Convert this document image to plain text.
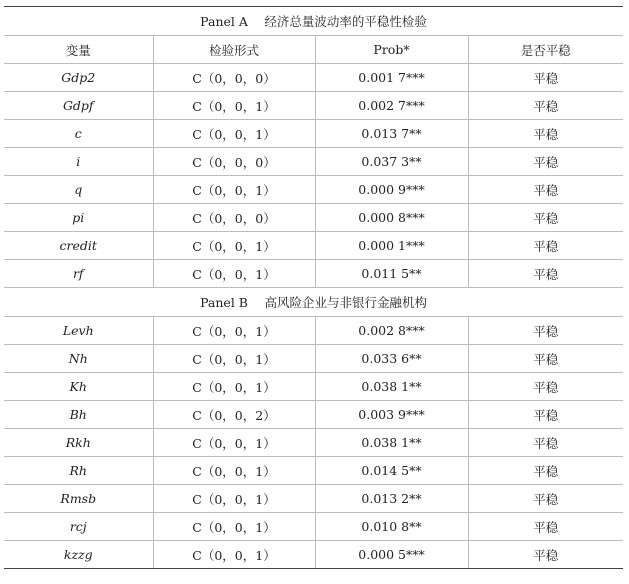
Panel A　 经济总量波动率的平稳性检验			
变量	检验形式	Prob*	是否平稳
Gdp2	C（0，0，0）	0.001 7***	平稳
Gdpf	C（0，0，1）	0.002 7***	平稳
c	C（0，0，1）	0.013 7**	平稳
i	C（0，0，0）	0.037 3**	平稳
q	C（0，0，1）	0.000 9***	平稳
pi	C（0，0，0）	0.000 8***	平稳
credit	C（0，0，1）	0.000 1***	平稳
rf	C（0，0，1）	0.011 5**	平稳
Panel B　 高风险企业与非银行金融机构			
Levh	C（0，0，1）	0.002 8***	平稳
Nh	C（0，0，1）	0.033 6**	平稳
Kh	C（0，0，1）	0.038 1**	平稳
Bh	C（0，0，2）	0.003 9***	平稳
Rkh	C（0，0，1）	0.038 1**	平稳
Rh	C（0，0，1）	0.014 5**	平稳
Rmsb	C（0，0，1）	0.013 2**	平稳
rcj	C（0，0，1）	0.010 8**	平稳
kzzg	C（0，0，1）	0.000 5***	平稳
